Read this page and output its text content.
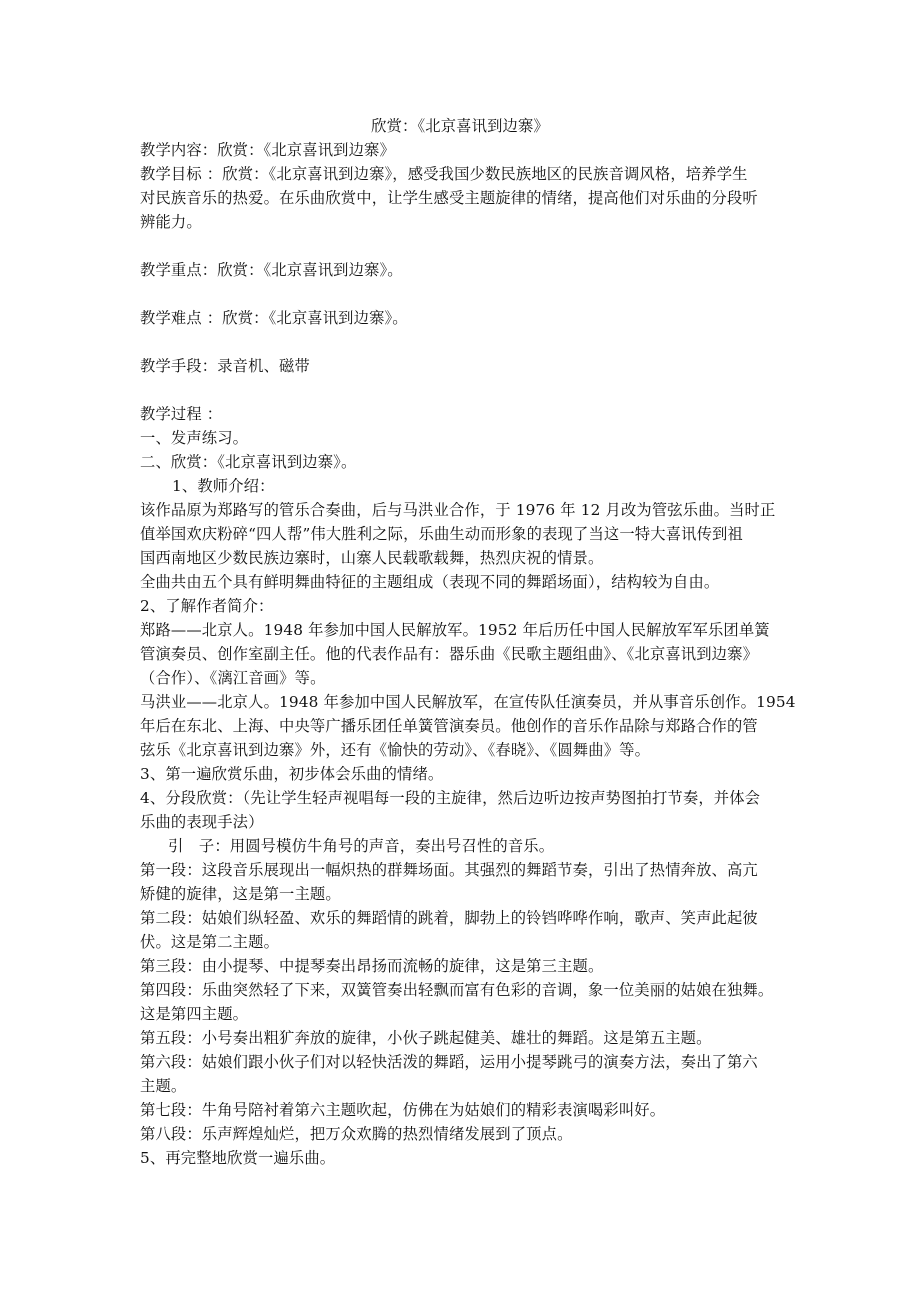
欣赏：《北京喜讯到边寨》
教学内容：欣赏：《北京喜讯到边寨》
教学目标 ：欣赏：《北京喜讯到边寨》，感受我国少数民族地区的民族音调风格，培养学生
对民族音乐的热爱。在乐曲欣赏中，让学生感受主题旋律的情绪，提高他们对乐曲的分段听
辨能力。
教学重点：欣赏：《北京喜讯到边寨》。
教学难点 ：欣赏：《北京喜讯到边寨》。
教学手段：录音机、磁带
教学过程 ：
一、发声练习。
二、欣赏：《北京喜讯到边寨》。
1、教师介绍：
该作品原为郑路写的管乐合奏曲，后与马洪业合作，于 1976 年 12 月改为管弦乐曲。当时正
值举国欢庆粉碎“四人帮”伟大胜利之际，乐曲生动而形象的表现了当这一特大喜讯传到祖
国西南地区少数民族边寨时，山寨人民载歌载舞，热烈庆祝的情景。
全曲共由五个具有鲜明舞曲特征的主题组成（表现不同的舞蹈场面），结构较为自由。
2、了解作者简介：
郑路——北京人。1948 年参加中国人民解放军。1952 年后历任中国人民解放军军乐团单簧
管演奏员、创作室副主任。他的代表作品有：器乐曲《民歌主题组曲》、《北京喜讯到边寨》
（合作）、《漓江音画》等。
马洪业——北京人。1948 年参加中国人民解放军，在宣传队任演奏员，并从事音乐创作。1954
年后在东北、上海、中央等广播乐团任单簧管演奏员。他创作的音乐作品除与郑路合作的管
弦乐《北京喜讯到边寨》外，还有《愉快的劳动》、《春晓》、《圆舞曲》等。
3、第一遍欣赏乐曲，初步体会乐曲的情绪。
4、分段欣赏：（先让学生轻声视唱每一段的主旋律，然后边听边按声势图拍打节奏，并体会
乐曲的表现手法）
引　子：用圆号模仿牛角号的声音，奏出号召性的音乐。
第一段：这段音乐展现出一幅炽热的群舞场面。其强烈的舞蹈节奏，引出了热情奔放、高亢
矫健的旋律，这是第一主题。
第二段：姑娘们纵轻盈、欢乐的舞蹈情的跳着，脚勃上的铃铛哗哗作响，歌声、笑声此起彼
伏。这是第二主题。
第三段：由小提琴、中提琴奏出昂扬而流畅的旋律，这是第三主题。
第四段：乐曲突然轻了下来，双簧管奏出轻飘而富有色彩的音调，象一位美丽的姑娘在独舞。
这是第四主题。
第五段：小号奏出粗犷奔放的旋律，小伙子跳起健美、雄壮的舞蹈。这是第五主题。
第六段：姑娘们跟小伙子们对以轻快活泼的舞蹈，运用小提琴跳弓的演奏方法，奏出了第六
主题。
第七段：牛角号陪衬着第六主题吹起，仿佛在为姑娘们的精彩表演喝彩叫好。
第八段：乐声辉煌灿烂，把万众欢腾的热烈情绪发展到了顶点。
5、再完整地欣赏一遍乐曲。
